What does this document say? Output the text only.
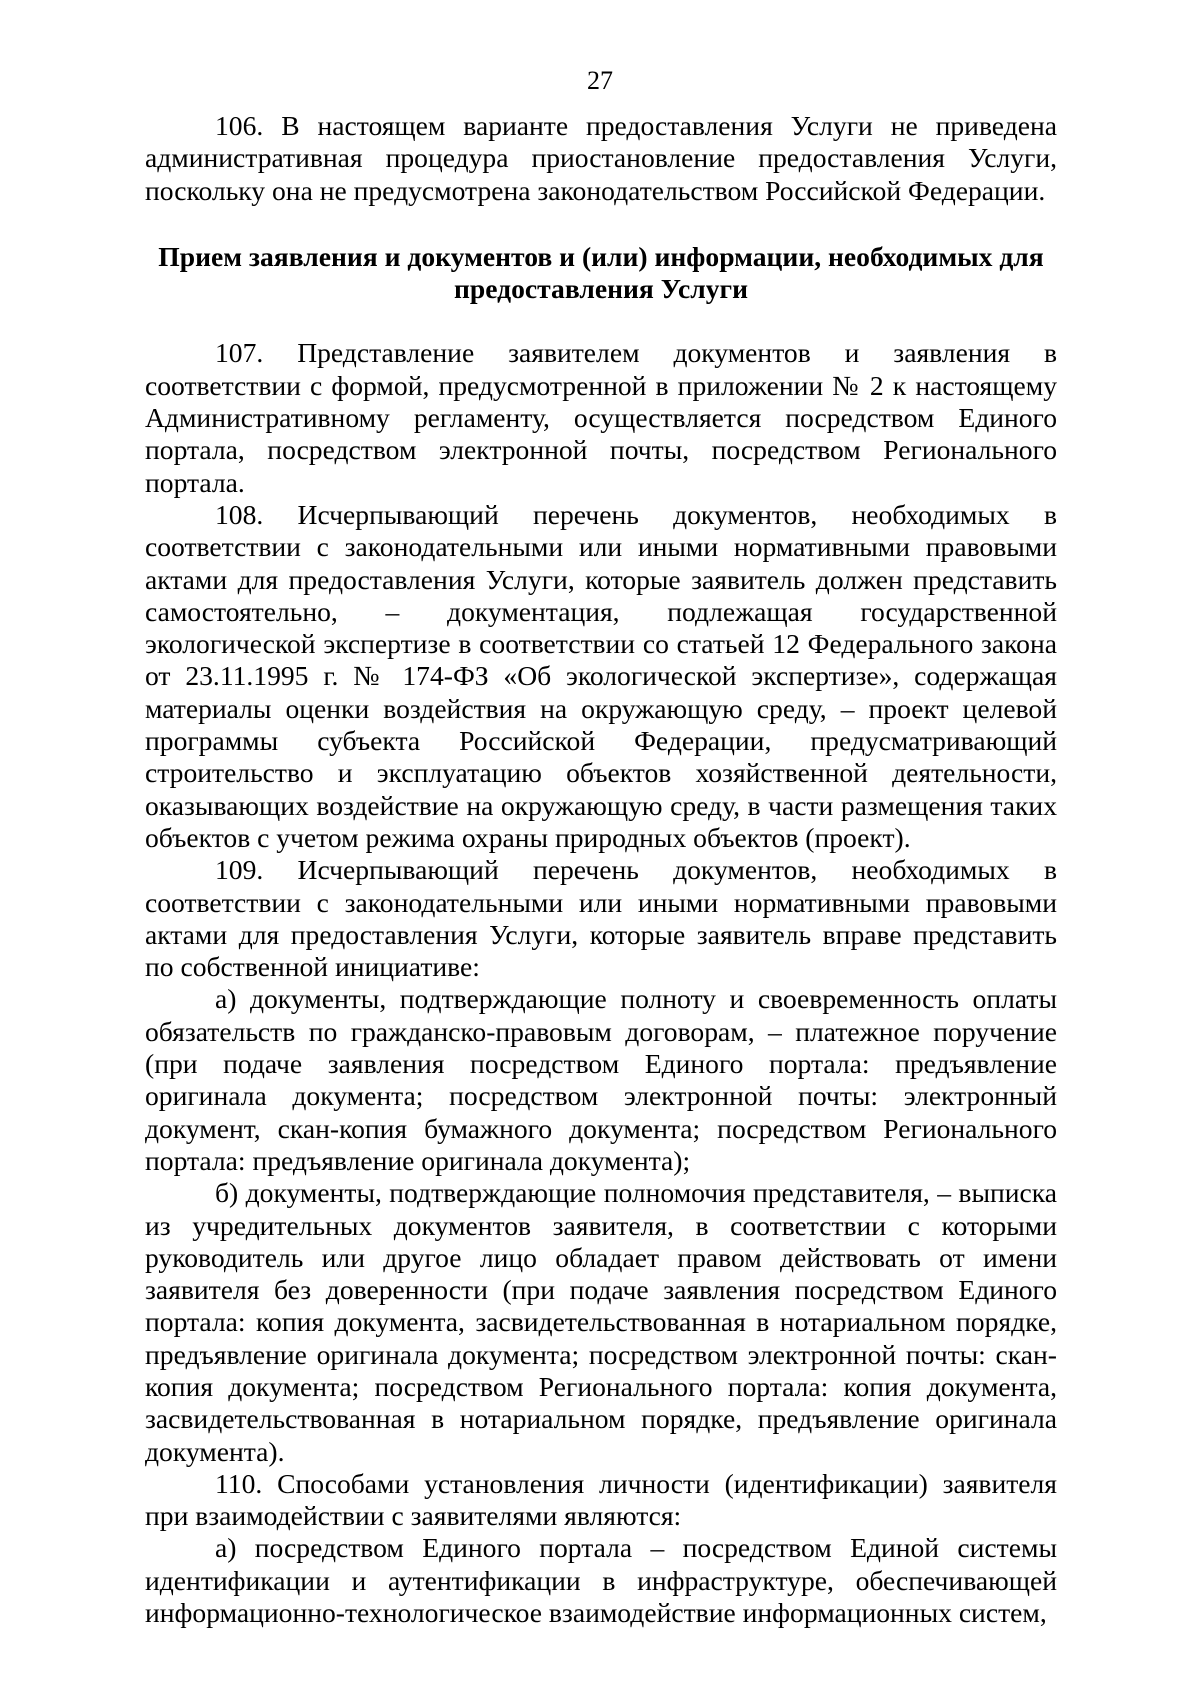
27

106. В настоящем варианте предоставления Услуги не приведена административная процедура приостановление предоставления Услуги, поскольку она не предусмотрена законодательством Российской Федерации.

Прием заявления и документов и (или) информации, необходимых для
предоставления Услуги

107. Представление заявителем документов и заявления в соответствии с формой, предусмотренной в приложении № 2 к настоящему Административному регламенту, осуществляется посредством Единого портала, посредством электронной почты, посредством Регионального портала.

108. Исчерпывающий перечень документов, необходимых в соответствии с законодательными или иными нормативными правовыми актами для предоставления Услуги, которые заявитель должен представить самостоятельно, – документация, подлежащая государственной экологической экспертизе в соответствии со статьей 12 Федерального закона от 23.11.1995 г. № 174-ФЗ «Об экологической экспертизе», содержащая материалы оценки воздействия на окружающую среду, – проект целевой программы субъекта Российской Федерации, предусматривающий строительство и эксплуатацию объектов хозяйственной деятельности, оказывающих воздействие на окружающую среду, в части размещения таких объектов с учетом режима охраны природных объектов (проект).

109. Исчерпывающий перечень документов, необходимых в соответствии с законодательными или иными нормативными правовыми актами для предоставления Услуги, которые заявитель вправе представить по собственной инициативе:

а) документы, подтверждающие полноту и своевременность оплаты обязательств по гражданско-правовым договорам, – платежное поручение (при подаче заявления посредством Единого портала: предъявление оригинала документа; посредством электронной почты: электронный документ, скан-копия бумажного документа; посредством Регионального портала: предъявление оригинала документа);

б) документы, подтверждающие полномочия представителя, – выписка из учредительных документов заявителя, в соответствии с которыми руководитель или другое лицо обладает правом действовать от имени заявителя без доверенности (при подаче заявления посредством Единого портала: копия документа, засвидетельствованная в нотариальном порядке, предъявление оригинала документа; посредством электронной почты: скан-копия документа; посредством Регионального портала: копия документа, засвидетельствованная в нотариальном порядке, предъявление оригинала документа).

110. Способами установления личности (идентификации) заявителя при взаимодействии с заявителями являются:

а) посредством Единого портала – посредством Единой системы идентификации и аутентификации в инфраструктуре, обеспечивающей информационно-технологическое взаимодействие информационных систем,
